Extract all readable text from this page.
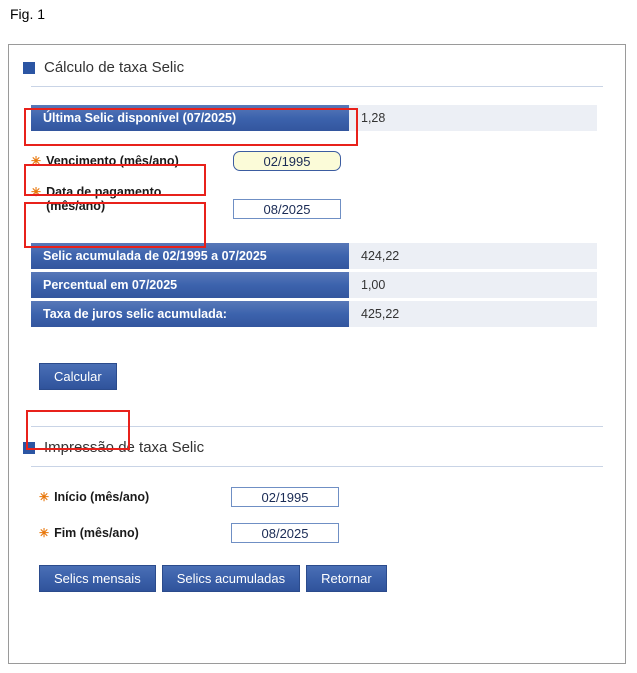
Fig. 1
Cálculo de taxa Selic
Última Selic disponível (07/2025)	1,28
✳ Vencimento (mês/ano)
02/1995
✳ Data de pagamento
(mês/ano)
08/2025
Selic acumulada de 02/1995 a 07/2025	424,22
Percentual em 07/2025	1,00
Taxa de juros selic acumulada:	425,22
Calcular
Impressão de taxa Selic
✳ Início (mês/ano)
02/1995
✳ Fim (mês/ano)
08/2025
Selics mensais	Selics acumuladas	Retornar
